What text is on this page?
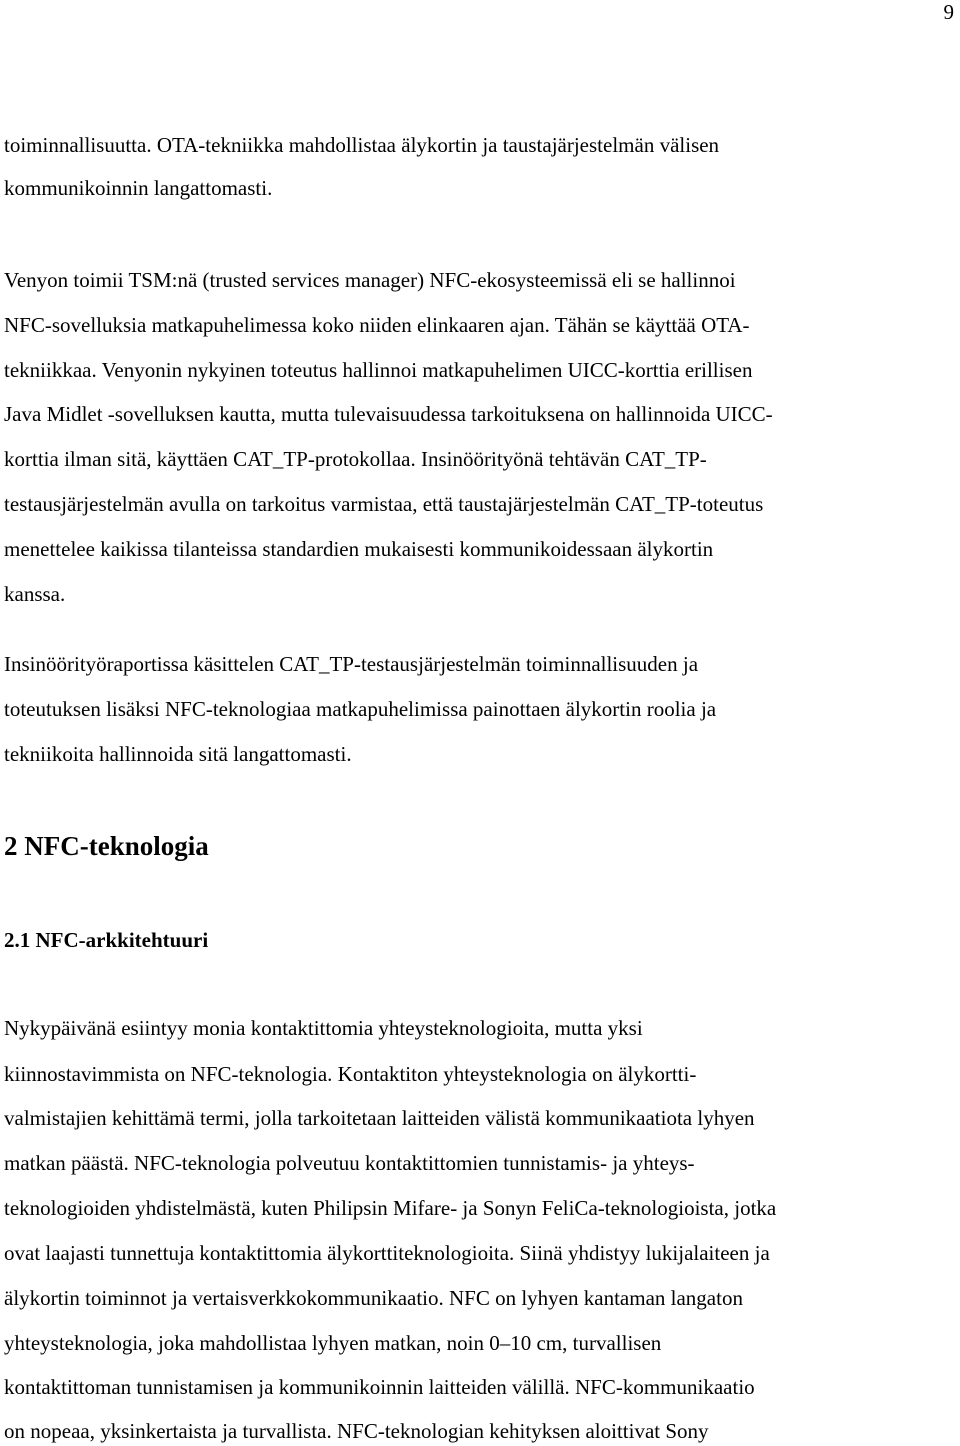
9
toiminnallisuutta. OTA-tekniikka mahdollistaa älykortin ja taustajärjestelmän välisen
kommunikoinnin langattomasti.
Venyon toimii TSM:nä (trusted services manager) NFC-ekosysteemissä eli se hallinnoi
NFC-sovelluksia matkapuhelimessa koko niiden elinkaaren ajan. Tähän se käyttää OTA-
tekniikkaa. Venyonin nykyinen toteutus hallinnoi matkapuhelimen UICC-korttia erillisen
Java Midlet -sovelluksen kautta, mutta tulevaisuudessa tarkoituksena on hallinnoida UICC-
korttia ilman sitä, käyttäen CAT_TP-protokollaa. Insinöörityönä tehtävän CAT_TP-
testausjärjestelmän avulla on tarkoitus varmistaa, että taustajärjestelmän CAT_TP-toteutus
menettelee kaikissa tilanteissa standardien mukaisesti kommunikoidessaan älykortin
kanssa.
Insinöörityöraportissa käsittelen CAT_TP-testausjärjestelmän toiminnallisuuden ja
toteutuksen lisäksi NFC-teknologiaa matkapuhelimissa painottaen älykortin roolia ja
tekniikoita hallinnoida sitä langattomasti.
2 NFC-teknologia
2.1 NFC-arkkitehtuuri
Nykypäivänä esiintyy monia kontaktittomia yhteysteknologioita, mutta yksi
kiinnostavimmista on NFC-teknologia. Kontaktiton yhteysteknologia on älykortti-
valmistajien kehittämä termi, jolla tarkoitetaan laitteiden välistä kommunikaatiota lyhyen
matkan päästä. NFC-teknologia polveutuu kontaktittomien tunnistamis- ja yhteys-
teknologioiden yhdistelmästä, kuten Philipsin Mifare- ja Sonyn FeliCa-teknologioista, jotka
ovat laajasti tunnettuja kontaktittomia älykorttiteknologioita. Siinä yhdistyy lukijalaiteen ja
älykortin toiminnot ja vertaisverkkokommunikaatio. NFC on lyhyen kantaman langaton
yhteysteknologia, joka mahdollistaa lyhyen matkan, noin 0–10 cm, turvallisen
kontaktittoman tunnistamisen ja kommunikoinnin laitteiden välillä. NFC-kommunikaatio
on nopeaa, yksinkertaista ja turvallista. NFC-teknologian kehityksen aloittivat Sony
